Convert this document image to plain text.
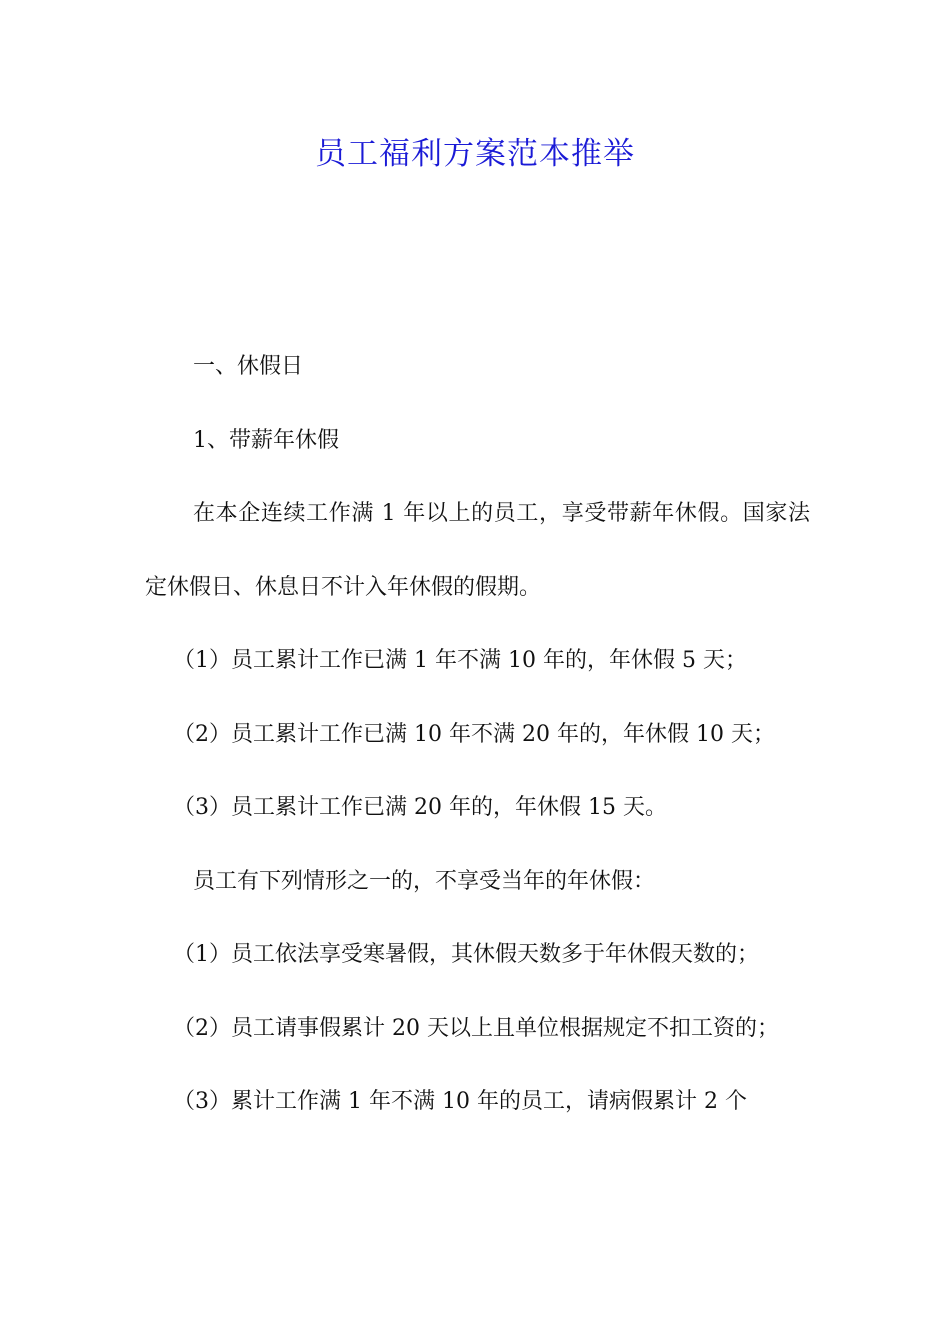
员工福利方案范本推举

一、休假日

1、带薪年休假

在本企连续工作满 1 年以上的员工，享受带薪年休假。国家法定休假日、休息日不计入年休假的假期。

（1）员工累计工作已满 1 年不满 10 年的，年休假 5 天；

（2）员工累计工作已满 10 年不满 20 年的，年休假 10 天；

（3）员工累计工作已满 20 年的，年休假 15 天。

员工有下列情形之一的，不享受当年的年休假：

（1）员工依法享受寒暑假，其休假天数多于年休假天数的；

（2）员工请事假累计 20 天以上且单位根据规定不扣工资的；

（3）累计工作满 1 年不满 10 年的员工，请病假累计 2 个
